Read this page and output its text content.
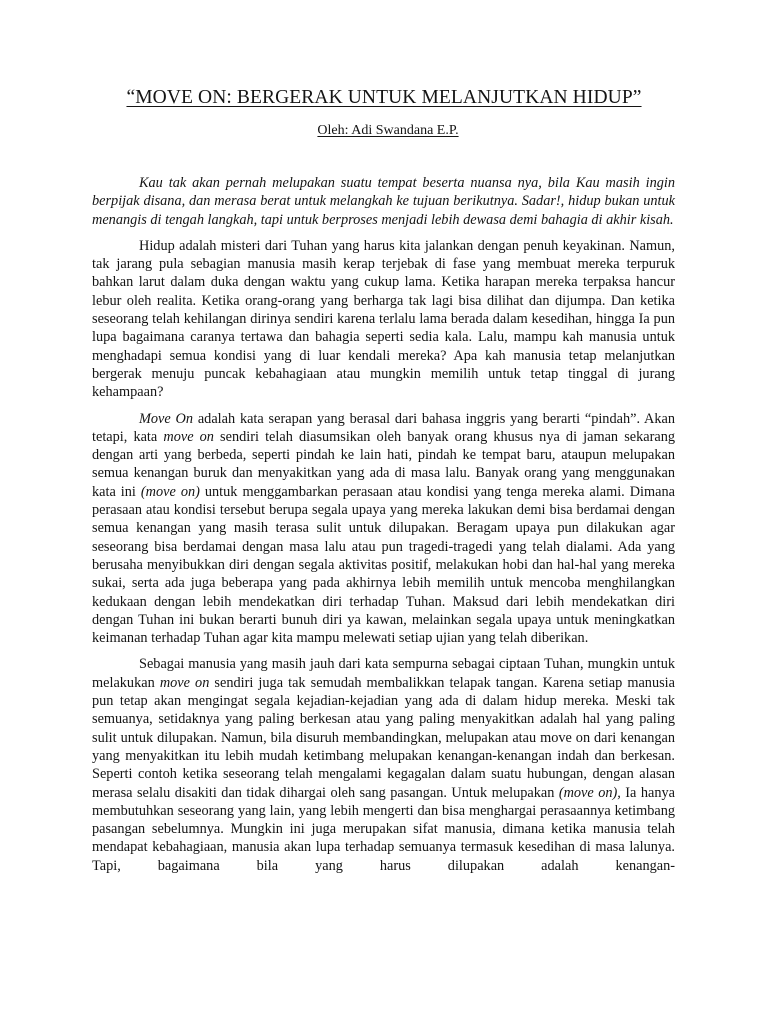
“MOVE ON: BERGERAK UNTUK MELANJUTKAN HIDUP”
Oleh: Adi Swandana E.P.

Kau tak akan pernah melupakan suatu tempat beserta nuansa nya, bila Kau masih ingin berpijak disana, dan merasa berat untuk melangkah ke tujuan berikutnya. Sadar!, hidup bukan untuk menangis di tengah langkah, tapi untuk berproses menjadi lebih dewasa demi bahagia di akhir kisah.

Hidup adalah misteri dari Tuhan yang harus kita jalankan dengan penuh keyakinan. Namun, tak jarang pula sebagian manusia masih kerap terjebak di fase yang membuat mereka terpuruk bahkan larut dalam duka dengan waktu yang cukup lama. Ketika harapan mereka terpaksa hancur lebur oleh realita. Ketika orang-orang yang berharga tak lagi bisa dilihat dan dijumpa. Dan ketika seseorang telah kehilangan dirinya sendiri karena terlalu lama berada dalam kesedihan, hingga Ia pun lupa bagaimana caranya tertawa dan bahagia seperti sedia kala. Lalu, mampu kah manusia untuk menghadapi semua kondisi yang di luar kendali mereka? Apa kah manusia tetap melanjutkan bergerak menuju puncak kebahagiaan atau mungkin memilih untuk tetap tinggal di jurang kehampaan?

Move On adalah kata serapan yang berasal dari bahasa inggris yang berarti “pindah”. Akan tetapi, kata move on sendiri telah diasumsikan oleh banyak orang khusus nya di jaman sekarang dengan arti yang berbeda, seperti pindah ke lain hati, pindah ke tempat baru, ataupun melupakan semua kenangan buruk dan menyakitkan yang ada di masa lalu. Banyak orang yang menggunakan kata ini (move on) untuk menggambarkan perasaan atau kondisi yang tenga mereka alami. Dimana perasaan atau kondisi tersebut berupa segala upaya yang mereka lakukan demi bisa berdamai dengan semua kenangan yang masih terasa sulit untuk dilupakan. Beragam upaya pun dilakukan agar seseorang bisa berdamai dengan masa lalu atau pun tragedi-tragedi yang telah dialami. Ada yang berusaha menyibukkan diri dengan segala aktivitas positif, melakukan hobi dan hal-hal yang mereka sukai, serta ada juga beberapa yang pada akhirnya lebih memilih untuk mencoba menghilangkan kedukaan dengan lebih mendekatkan diri terhadap Tuhan. Maksud dari lebih mendekatkan diri dengan Tuhan ini bukan berarti bunuh diri ya kawan, melainkan segala upaya untuk meningkatkan keimanan terhadap Tuhan agar kita mampu melewati setiap ujian yang telah diberikan.

Sebagai manusia yang masih jauh dari kata sempurna sebagai ciptaan Tuhan, mungkin untuk melakukan move on sendiri juga tak semudah membalikkan telapak tangan. Karena setiap manusia pun tetap akan mengingat segala kejadian-kejadian yang ada di dalam hidup mereka. Meski tak semuanya, setidaknya yang paling berkesan atau yang paling menyakitkan adalah hal yang paling sulit untuk dilupakan. Namun, bila disuruh membandingkan, melupakan atau move on dari kenangan yang menyakitkan itu lebih mudah ketimbang melupakan kenangan-kenangan indah dan berkesan. Seperti contoh ketika seseorang telah mengalami kegagalan dalam suatu hubungan, dengan alasan merasa selalu disakiti dan tidak dihargai oleh sang pasangan. Untuk melupakan (move on), Ia hanya membutuhkan seseorang yang lain, yang lebih mengerti dan bisa menghargai perasaannya ketimbang pasangan sebelumnya. Mungkin ini juga merupakan sifat manusia, dimana ketika manusia telah mendapat kebahagiaan, manusia akan lupa terhadap semuanya termasuk kesedihan di masa lalunya. Tapi, bagaimana bila yang harus dilupakan adalah kenangan-
